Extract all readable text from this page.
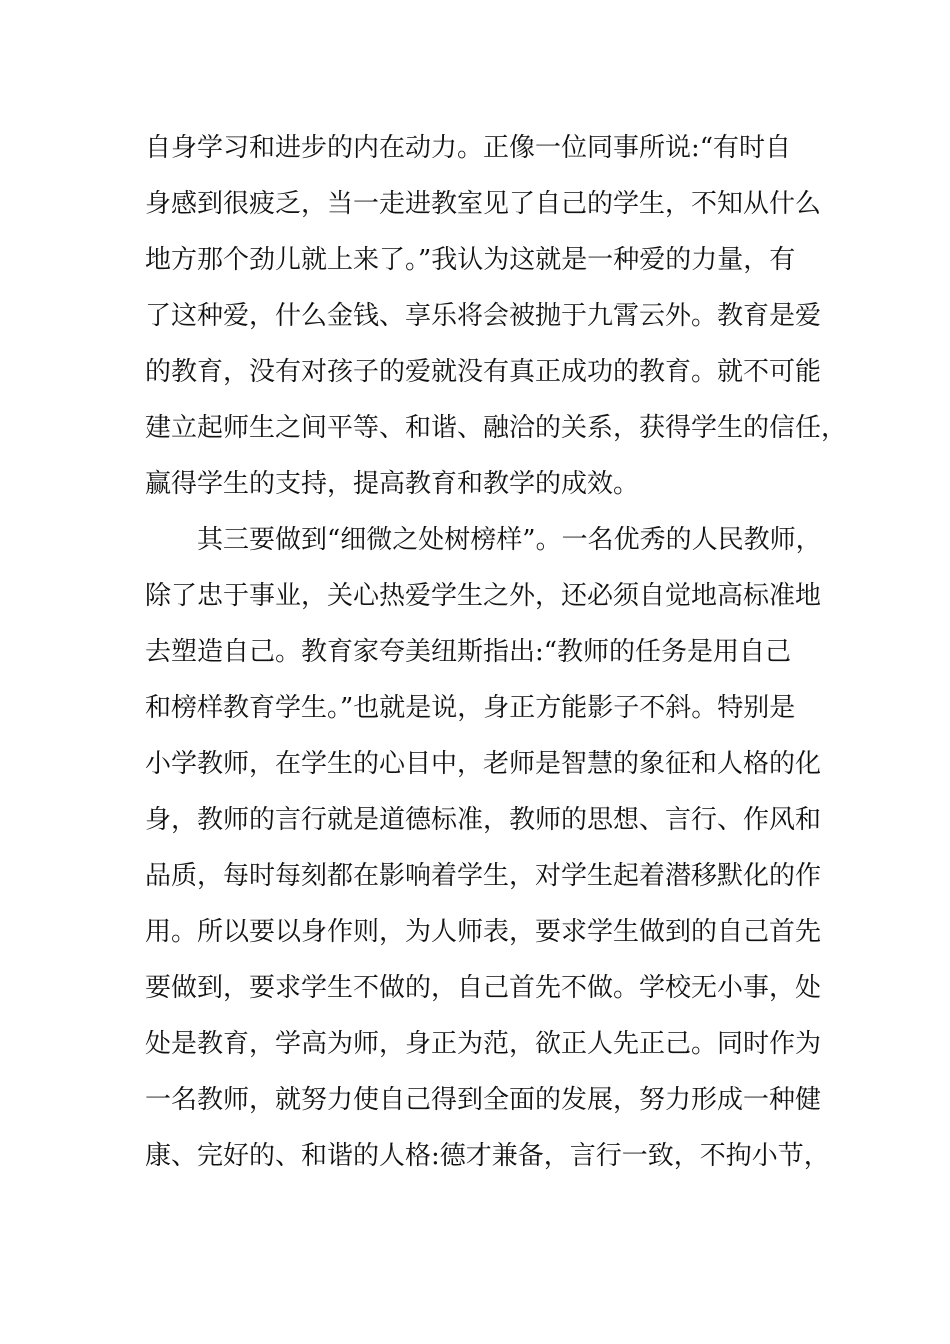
自身学习和进步的内在动力。正像一位同事所说:“有时自
身感到很疲乏，当一走进教室见了自己的学生，不知从什么
地方那个劲儿就上来了。”我认为这就是一种爱的力量，有
了这种爱，什么金钱、享乐将会被抛于九霄云外。教育是爱
的教育，没有对孩子的爱就没有真正成功的教育。就不可能
建立起师生之间平等、和谐、融洽的关系，获得学生的信任，
赢得学生的支持，提高教育和教学的成效。
其三要做到“细微之处树榜样”。一名优秀的人民教师，
除了忠于事业，关心热爱学生之外，还必须自觉地高标准地
去塑造自己。教育家夸美纽斯指出:“教师的任务是用自己
和榜样教育学生。”也就是说，身正方能影子不斜。特别是
小学教师，在学生的心目中，老师是智慧的象征和人格的化
身，教师的言行就是道德标准，教师的思想、言行、作风和
品质，每时每刻都在影响着学生，对学生起着潜移默化的作
用。所以要以身作则，为人师表，要求学生做到的自己首先
要做到，要求学生不做的，自己首先不做。学校无小事，处
处是教育，学高为师，身正为范，欲正人先正己。同时作为
一名教师，就努力使自己得到全面的发展，努力形成一种健
康、完好的、和谐的人格:德才兼备，言行一致，不拘小节，
